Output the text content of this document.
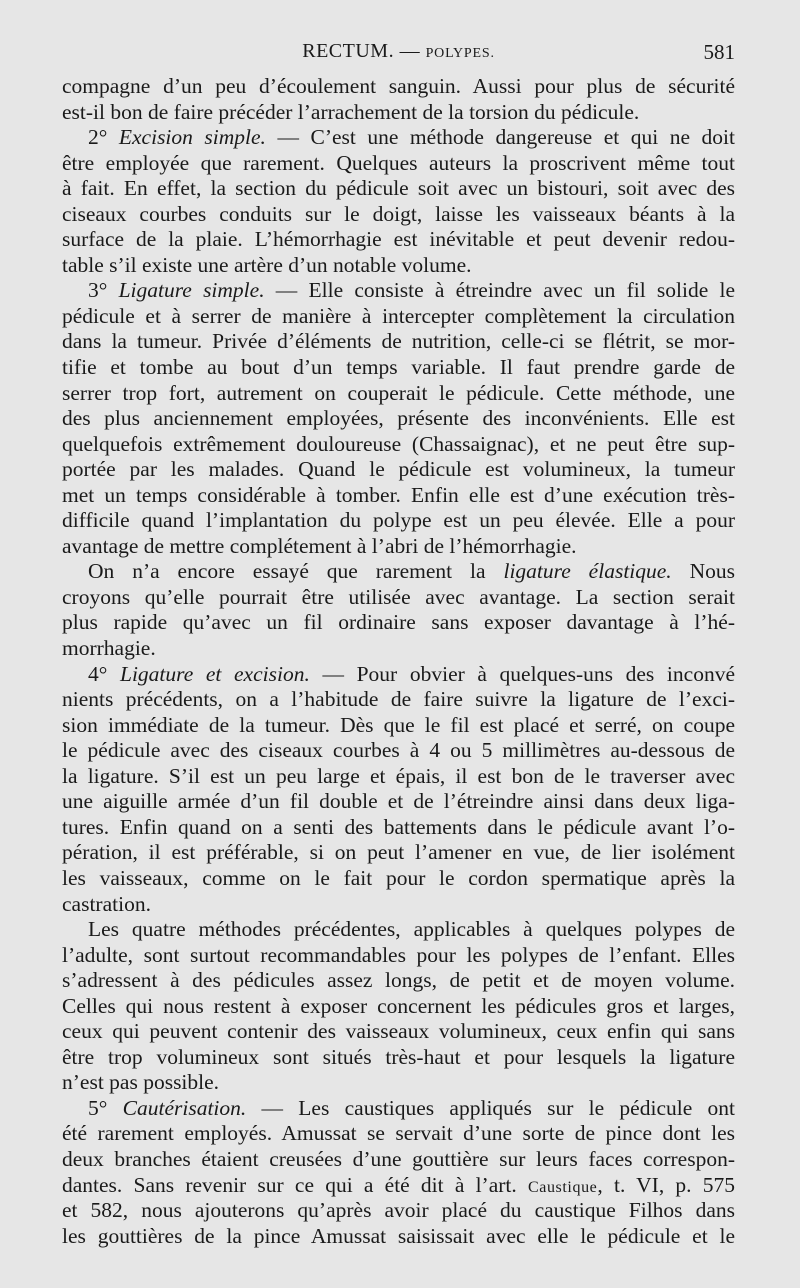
RECTUM. — POLYPES.	581
compagne d’un peu d’écoulement sanguin. Aussi pour plus de sécurité
est-il bon de faire précéder l’arrachement de la torsion du pédicule.
2° Excision simple. — C’est une méthode dangereuse et qui ne doit
être employée que rarement. Quelques auteurs la proscrivent même tout
à fait. En effet, la section du pédicule soit avec un bistouri, soit avec des
ciseaux courbes conduits sur le doigt, laisse les vaisseaux béants à la
surface de la plaie. L’hémorrhagie est inévitable et peut devenir redou-
table s’il existe une artère d’un notable volume.
3° Ligature simple. — Elle consiste à étreindre avec un fil solide le
pédicule et à serrer de manière à intercepter complètement la circulation
dans la tumeur. Privée d’éléments de nutrition, celle-ci se flétrit, se mor-
tifie et tombe au bout d’un temps variable. Il faut prendre garde de
serrer trop fort, autrement on couperait le pédicule. Cette méthode, une
des plus anciennement employées, présente des inconvénients. Elle est
quelquefois extrêmement douloureuse (Chassaignac), et ne peut être sup-
portée par les malades. Quand le pédicule est volumineux, la tumeur
met un temps considérable à tomber. Enfin elle est d’une exécution très-
difficile quand l’implantation du polype est un peu élevée. Elle a pour
avantage de mettre complétement à l’abri de l’hémorrhagie.
On n’a encore essayé que rarement la ligature élastique. Nous
croyons qu’elle pourrait être utilisée avec avantage. La section serait
plus rapide qu’avec un fil ordinaire sans exposer davantage à l’hé-
morrhagie.
4° Ligature et excision. — Pour obvier à quelques-uns des inconvé
nients précédents, on a l’habitude de faire suivre la ligature de l’exci-
sion immédiate de la tumeur. Dès que le fil est placé et serré, on coupe
le pédicule avec des ciseaux courbes à 4 ou 5 millimètres au-dessous de
la ligature. S’il est un peu large et épais, il est bon de le traverser avec
une aiguille armée d’un fil double et de l’étreindre ainsi dans deux liga-
tures. Enfin quand on a senti des battements dans le pédicule avant l’o-
pération, il est préférable, si on peut l’amener en vue, de lier isolément
les vaisseaux, comme on le fait pour le cordon spermatique après la
castration.
Les quatre méthodes précédentes, applicables à quelques polypes de
l’adulte, sont surtout recommandables pour les polypes de l’enfant. Elles
s’adressent à des pédicules assez longs, de petit et de moyen volume.
Celles qui nous restent à exposer concernent les pédicules gros et larges,
ceux qui peuvent contenir des vaisseaux volumineux, ceux enfin qui sans
être trop volumineux sont situés très-haut et pour lesquels la ligature
n’est pas possible.
5° Cautérisation. — Les caustiques appliqués sur le pédicule ont
été rarement employés. Amussat se servait d’une sorte de pince dont les
deux branches étaient creusées d’une gouttière sur leurs faces correspon-
dantes. Sans revenir sur ce qui a été dit à l’art. Caustique, t. VI, p. 575
et 582, nous ajouterons qu’après avoir placé du caustique Filhos dans
les gouttières de la pince Amussat saisissait avec elle le pédicule et le
